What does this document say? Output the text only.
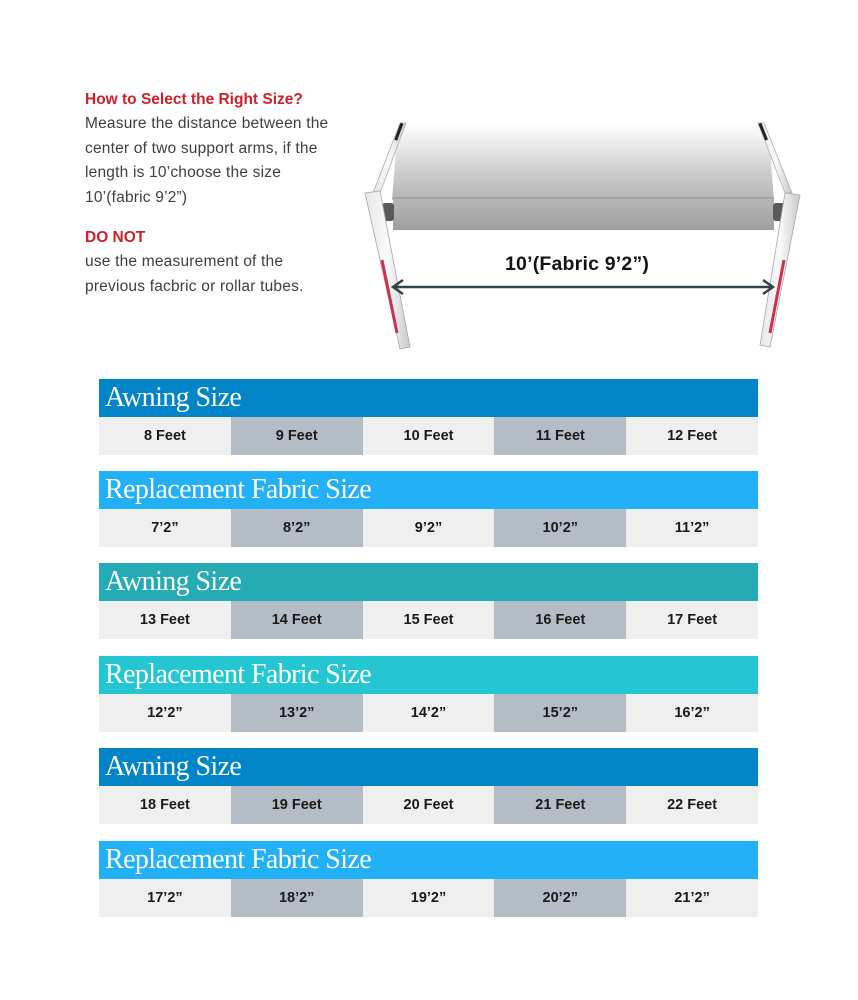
How to Select the Right Size?

Measure the distance between the
center of two support arms, if the
length is 10’choose the size
10’(fabric 9’2”)

DO NOT

use the measurement of the
previous facbric or rollar tubes.

10’(Fabric 9’2”)
Awning Size
8 Feet	9 Feet	10 Feet	11 Feet	12 Feet
Replacement Fabric Size
7’2”	8’2”	9’2”	10’2”	11’2”
Awning Size
13 Feet	14 Feet	15 Feet	16 Feet	17 Feet
Replacement Fabric Size
12’2”	13’2”	14’2”	15’2”	16’2”
Awning Size
18 Feet	19 Feet	20 Feet	21 Feet	22 Feet
Replacement Fabric Size
17’2”	18’2”	19’2”	20’2”	21’2”
